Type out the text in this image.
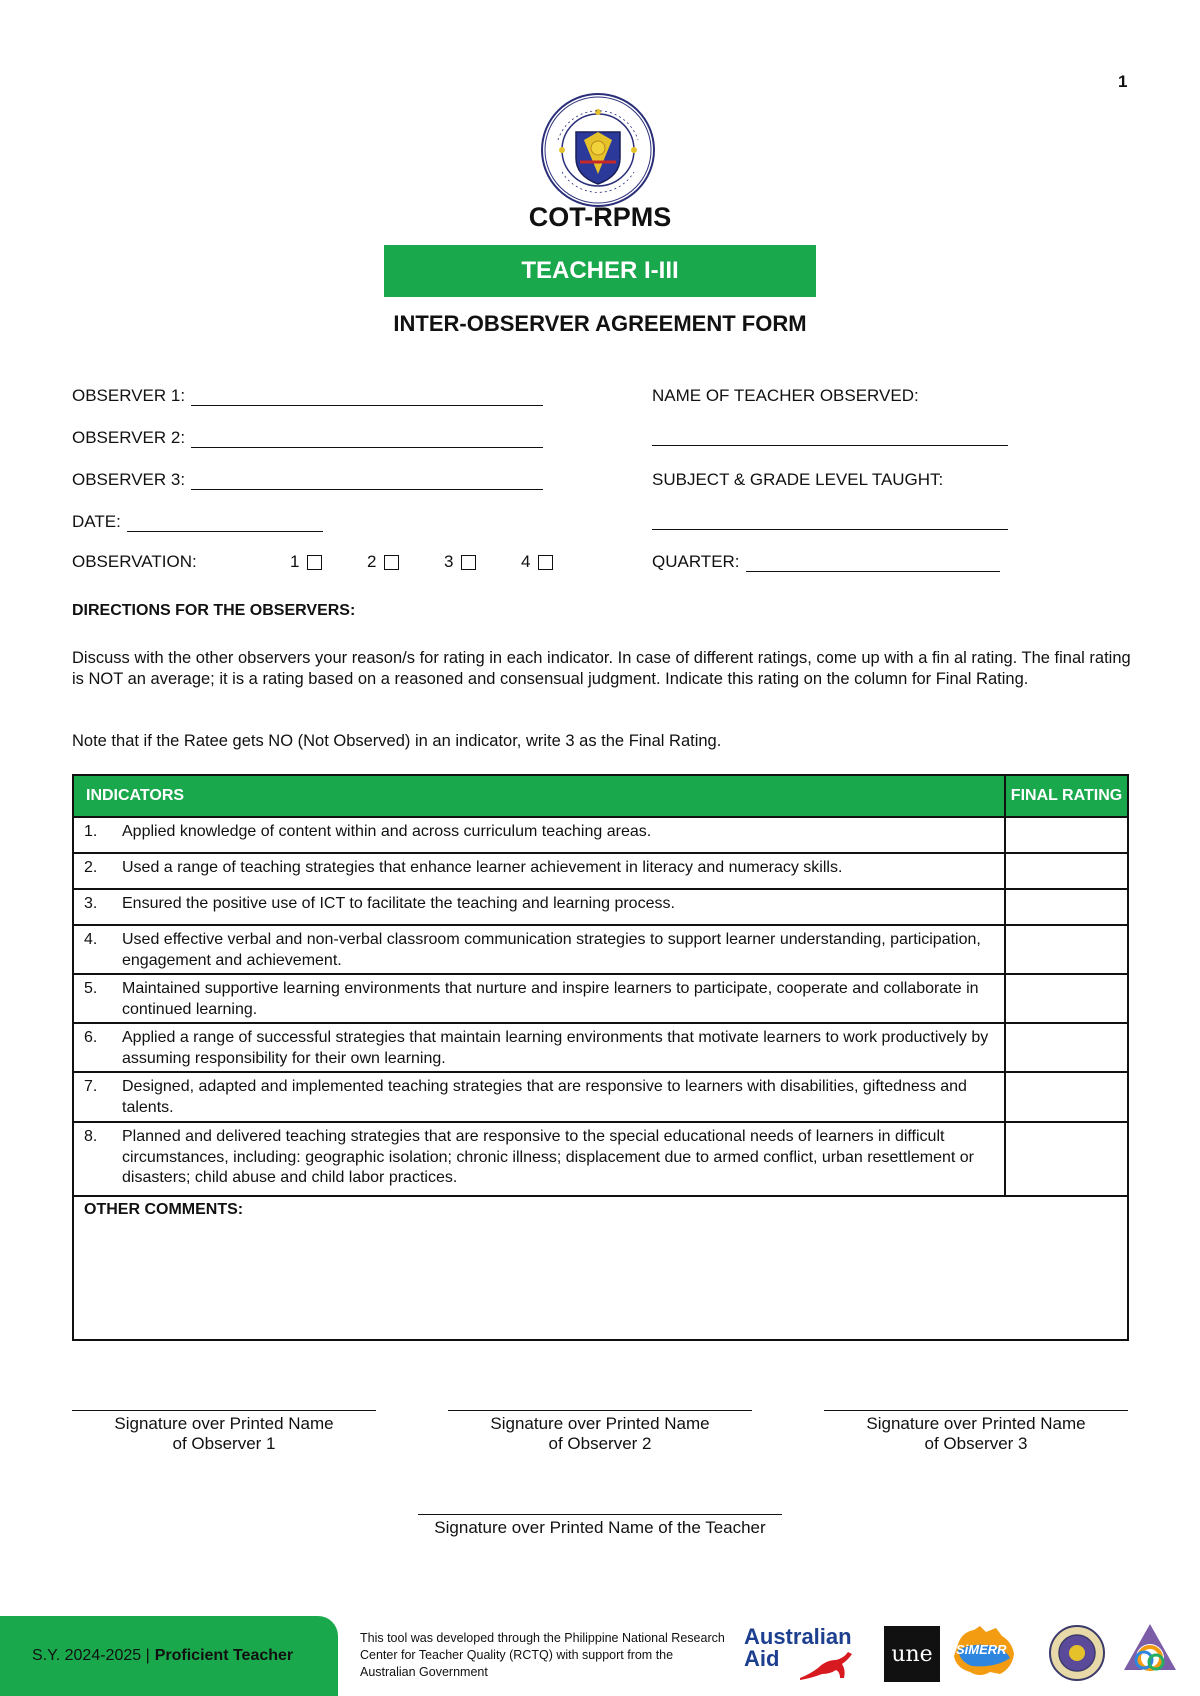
1
COT-RPMS
TEACHER I-III
INTER-OBSERVER AGREEMENT FORM
OBSERVER 1:
OBSERVER 2:
OBSERVER 3:
DATE:
OBSERVATION:	1	2	3	4
NAME OF TEACHER OBSERVED:
SUBJECT & GRADE LEVEL TAUGHT:
QUARTER:
DIRECTIONS FOR THE OBSERVERS:
Discuss with the other observers your reason/s for rating in each indicator. In case of different ratings, come up with a fin al rating. The final rating is NOT an average; it is a rating based on a reasoned and consensual judgment. Indicate this rating on the column for Final Rating.
Note that if the Ratee gets NO (Not Observed) in an indicator, write 3 as the Final Rating.
INDICATORS	FINAL RATING

1. Applied knowledge of content within and across curriculum teaching areas.	

2. Used a range of teaching strategies that enhance learner achievement in literacy and numeracy skills.	

3. Ensured the positive use of ICT to facilitate the teaching and learning process.	

4. Used effective verbal and non-verbal classroom communication strategies to support learner understanding, participation, engagement and achievement.	

5. Maintained supportive learning environments that nurture and inspire learners to participate, cooperate and collaborate in continued learning.	

6. Applied a range of successful strategies that maintain learning environments that motivate learners to work productively by assuming responsibility for their own learning.	

7. Designed, adapted and implemented teaching strategies that are responsive to learners with disabilities, giftedness and talents.	

8. Planned and delivered teaching strategies that are responsive to the special educational needs of learners in difficult circumstances, including: geographic isolation; chronic illness; displacement due to armed conflict, urban resettlement or disasters; child abuse and child labor practices.	

OTHER COMMENTS:	
Signature over Printed Name
of Observer 1
Signature over Printed Name
of Observer 2
Signature over Printed Name
of Observer 3
Signature over Printed Name of the Teacher
S.Y. 2024-2025 | Proficient Teacher
This tool was developed through the Philippine National Research Center for Teacher Quality (RCTQ) with support from the Australian Government
Australian
Aid	une SiMERR
